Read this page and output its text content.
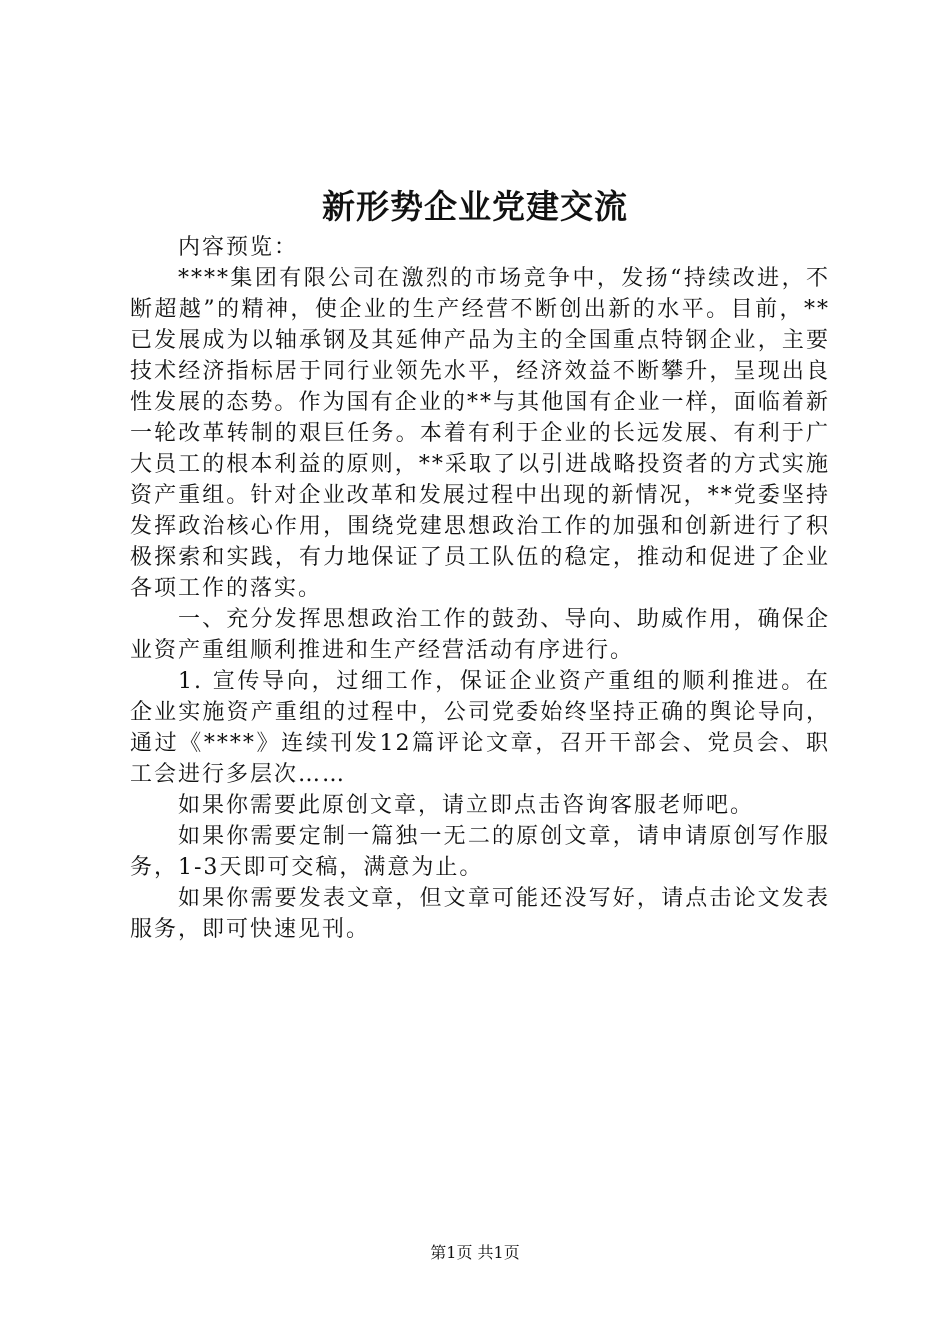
新形势企业党建交流

内容预览：

****集团有限公司在激烈的市场竞争中，发扬“持续改进，不断超越”的精神，使企业的生产经营不断创出新的水平。目前，**已发展成为以轴承钢及其延伸产品为主的全国重点特钢企业，主要技术经济指标居于同行业领先水平，经济效益不断攀升，呈现出良性发展的态势。作为国有企业的**与其他国有企业一样，面临着新一轮改革转制的艰巨任务。本着有利于企业的长远发展、有利于广大员工的根本利益的原则，**采取了以引进战略投资者的方式实施资产重组。针对企业改革和发展过程中出现的新情况，**党委坚持发挥政治核心作用，围绕党建思想政治工作的加强和创新进行了积极探索和实践，有力地保证了员工队伍的稳定，推动和促进了企业各项工作的落实。

一、充分发挥思想政治工作的鼓劲、导向、助威作用，确保企业资产重组顺利推进和生产经营活动有序进行。

1. 宣传导向，过细工作，保证企业资产重组的顺利推进。在企业实施资产重组的过程中，公司党委始终坚持正确的舆论导向，通过《****》连续刊发12篇评论文章，召开干部会、党员会、职工会进行多层次……

如果你需要此原创文章，请立即点击咨询客服老师吧。

如果你需要定制一篇独一无二的原创文章，请申请原创写作服务，1-3天即可交稿，满意为止。

如果你需要发表文章，但文章可能还没写好，请点击论文发表服务，即可快速见刊。

第1页 共1页
